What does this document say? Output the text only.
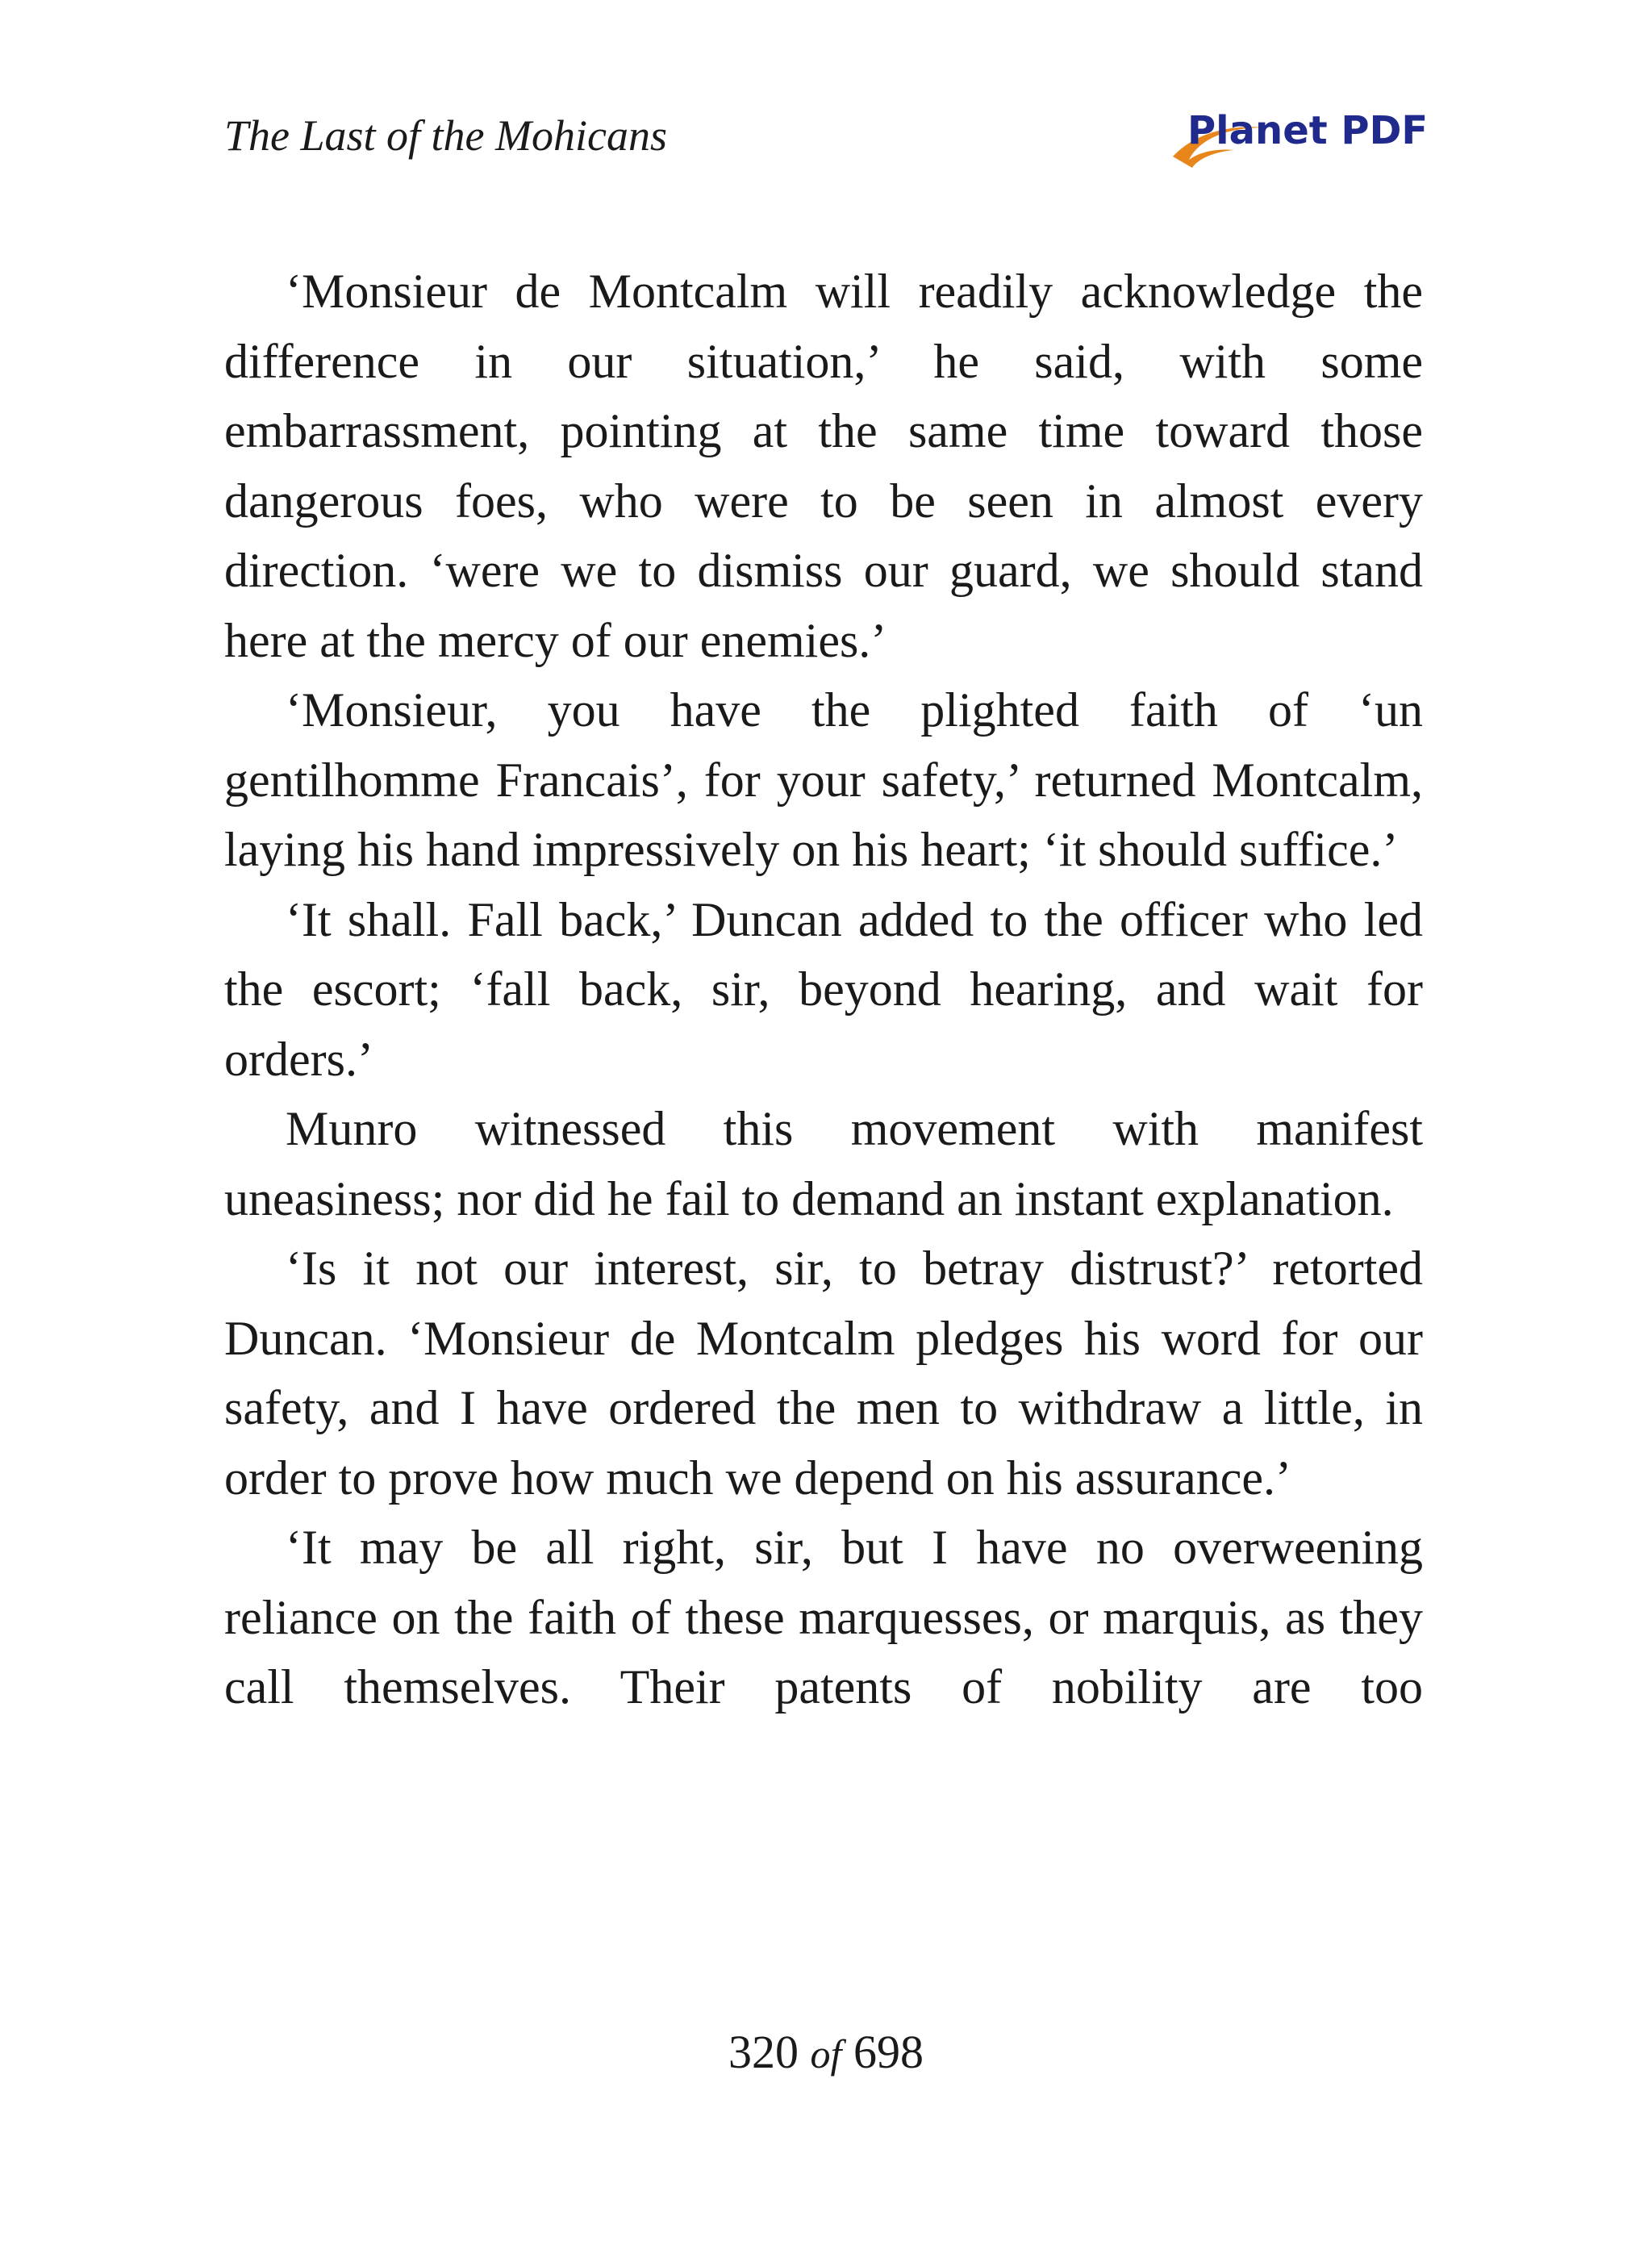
The Last of the Mohicans	Planet PDF

‘Monsieur de Montcalm will readily acknowledge the difference in our situation,’ he said, with some embarrassment, pointing at the same time toward those dangerous foes, who were to be seen in almost every direction. ‘were we to dismiss our guard, we should stand here at the mercy of our enemies.’

‘Monsieur, you have the plighted faith of ‘un gentilhomme Francais’, for your safety,’ returned Montcalm, laying his hand impressively on his heart; ‘it should suffice.’

‘It shall. Fall back,’ Duncan added to the officer who led the escort; ‘fall back, sir, beyond hearing, and wait for orders.’

Munro witnessed this movement with manifest uneasiness; nor did he fail to demand an instant explanation.

‘Is it not our interest, sir, to betray distrust?’ retorted Duncan. ‘Monsieur de Montcalm pledges his word for our safety, and I have ordered the men to withdraw a little, in order to prove how much we depend on his assurance.’

‘It may be all right, sir, but I have no overweening reliance on the faith of these marquesses, or marquis, as they call themselves. Their patents of nobility are too

320 of 698
